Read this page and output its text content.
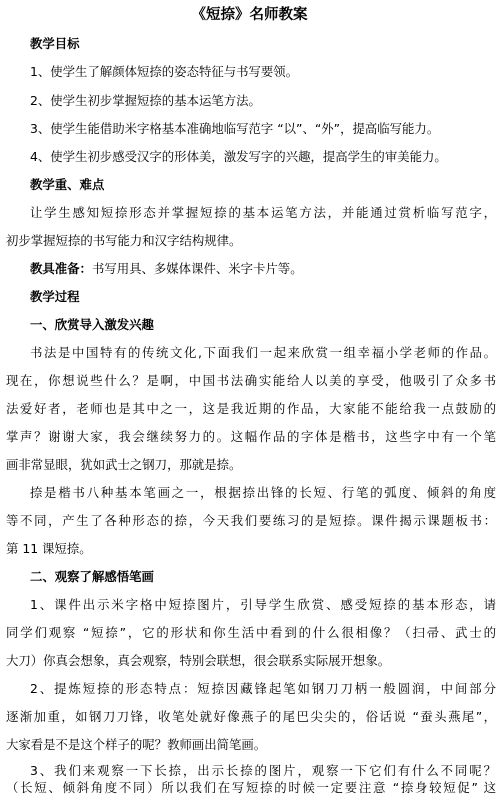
《短捺》名师教案
教学目标
1、使学生了解颜体短捺的姿态特征与书写要领。
2、使学生初步掌握短捺的基本运笔方法。
3、使学生能借助米字格基本准确地临写范字 “以”、“外”，提高临写能力。
4、使学生初步感受汉字的形体美，激发写字的兴趣，提高学生的审美能力。
教学重、难点
让学生感知短捺形态并掌握短捺的基本运笔方法，并能通过赏析临写范字，
初步掌握短捺的书写能力和汉字结构规律。
教具准备：书写用具、多媒体课件、米字卡片等。
教学过程
一、欣赏导入激发兴趣
书法是中国特有的传统文化,下面我们一起来欣赏一组幸福小学老师的作品。
现在，你想说些什么？是啊，中国书法确实能给人以美的享受，他吸引了众多书
法爱好者，老师也是其中之一，这是我近期的作品，大家能不能给我一点鼓励的
掌声？谢谢大家，我会继续努力的。这幅作品的字体是楷书，这些字中有一个笔
画非常显眼，犹如武士之钢刀，那就是捺。
捺是楷书八种基本笔画之一，根据捺出锋的长短、行笔的弧度、倾斜的角度
等不同，产生了各种形态的捺，今天我们要练习的是短捺。课件揭示课题板书：
第 11 课短捺。
二、观察了解感悟笔画
1、课件出示米字格中短捺图片，引导学生欣赏、感受短捺的基本形态，请
同学们观察 “短捺”，它的形状和你生活中看到的什么很相像？（扫帚、武士的
大刀）你真会想象，真会观察，特别会联想，很会联系实际展开想象。
2、提炼短捺的形态特点：短捺因藏锋起笔如钢刀刀柄一般圆润，中间部分
逐渐加重，如钢刀刀锋，收笔处就好像燕子的尾巴尖尖的，俗话说 “蚕头燕尾”，
大家看是不是这个样子的呢？教师画出简笔画。
3、我们来观察一下长捺，出示长捺的图片，观察一下它们有什么不同呢？
（长短、倾斜角度不同）所以我们在写短捺的时候一定要注意 “捺身较短促” 这
